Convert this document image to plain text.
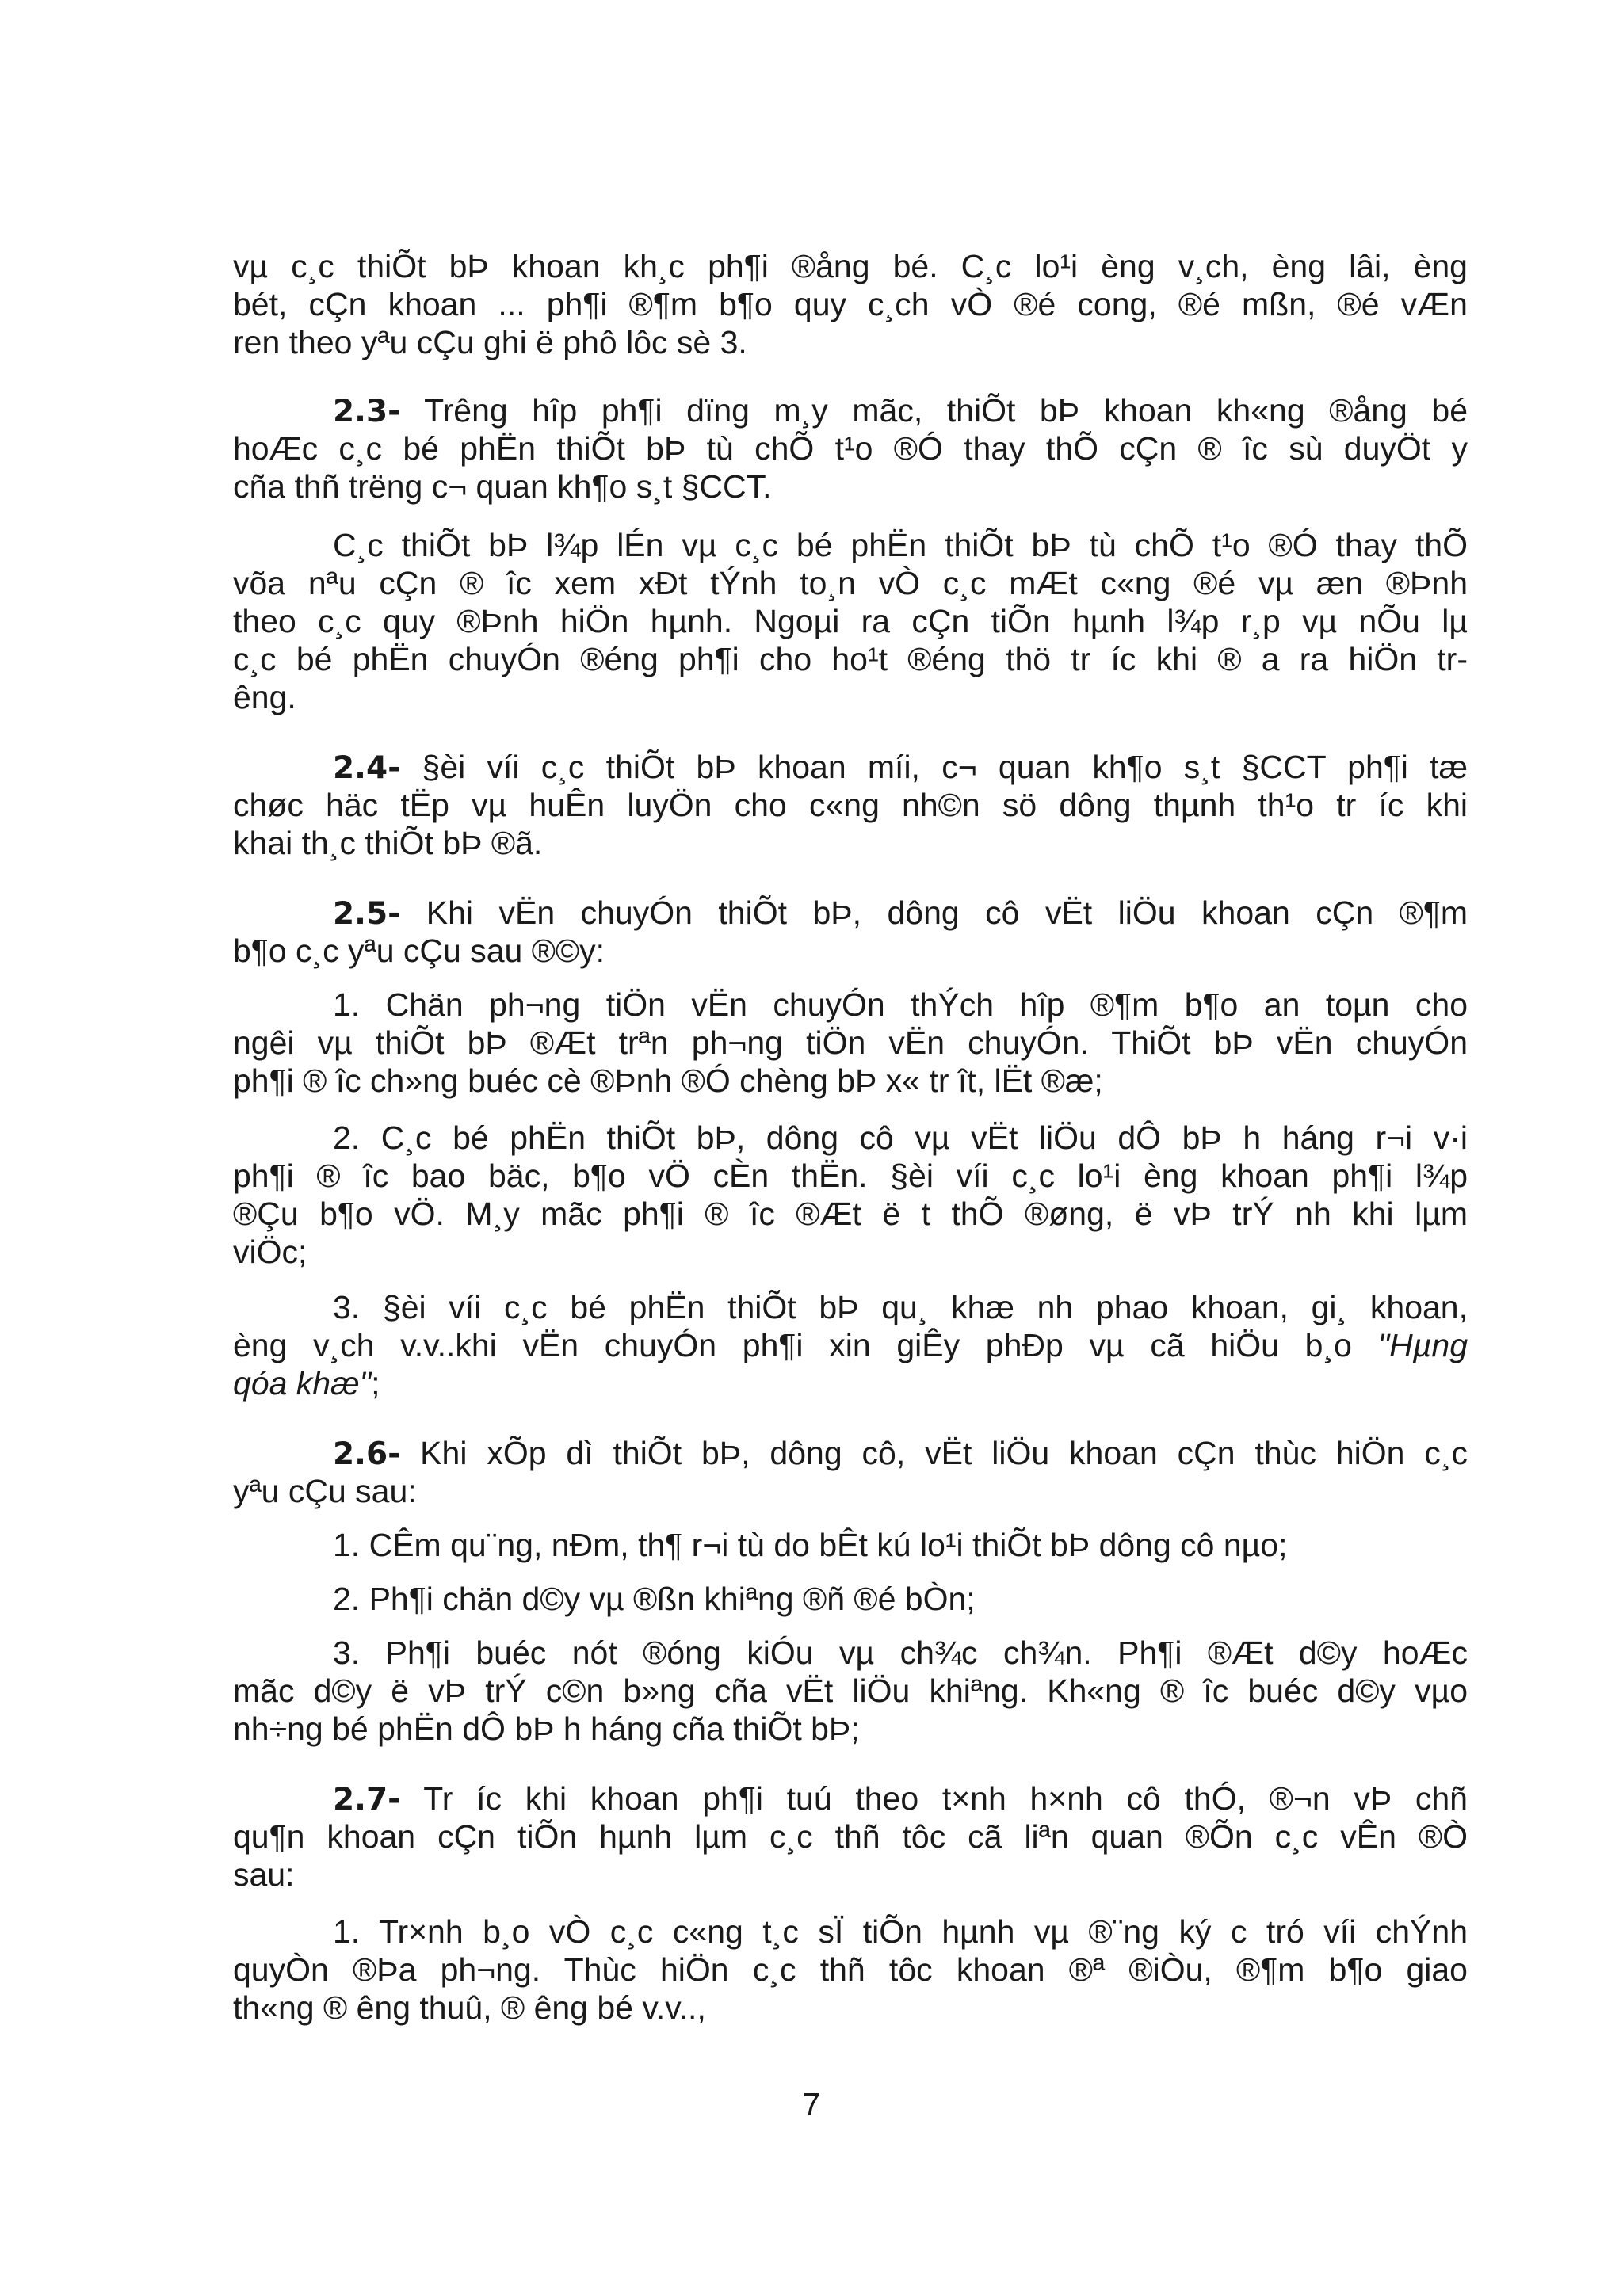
vµ c¸c thiÕt bÞ khoan kh¸c ph¶i ®ång bé. C¸c lo¹i èng v¸ch, èng lâi, èng
bét, cÇn khoan ... ph¶i ®¶m b¶o quy c¸ch vÒ ®é cong, ®é mßn, ®é vÆn
ren theo yªu cÇu ghi ë phô lôc sè 3.
2.3- Trêng hîp ph¶i dïng m¸y mãc, thiÕt bÞ khoan kh«ng ®ång bé
hoÆc c¸c bé phËn thiÕt bÞ tù chÕ t¹o ®Ó thay thÕ cÇn ® îc sù duyÖt y
cña thñ trëng c¬ quan kh¶o s¸t §CCT.
C¸c thiÕt bÞ l¾p lÉn vµ c¸c bé phËn thiÕt bÞ tù chÕ t¹o ®Ó thay thÕ
võa nªu cÇn ® îc xem xÐt tÝnh to¸n vÒ c¸c mÆt c«ng ®é vµ æn ®Þnh
theo c¸c quy ®Þnh hiÖn hµnh. Ngoµi ra cÇn tiÕn hµnh l¾p r¸p vµ nÕu lµ
c¸c bé phËn chuyÓn ®éng ph¶i cho ho¹t ®éng thö tr íc khi ® a ra hiÖn tr-
êng.
2.4- §èi víi c¸c thiÕt bÞ khoan míi, c¬ quan kh¶o s¸t §CCT ph¶i tæ
chøc häc tËp vµ huÊn luyÖn cho c«ng nh©n sö dông thµnh th¹o tr íc khi
khai th¸c thiÕt bÞ ®ã.
2.5- Khi vËn chuyÓn thiÕt bÞ, dông cô vËt liÖu khoan cÇn ®¶m
b¶o c¸c yªu cÇu sau ®©y:
1. Chän ph¬ng tiÖn vËn chuyÓn thÝch hîp ®¶m b¶o an toµn cho
ngêi vµ thiÕt bÞ ®Æt trªn ph¬ng tiÖn vËn chuyÓn. ThiÕt bÞ vËn chuyÓn
ph¶i ® îc ch»ng buéc cè ®Þnh ®Ó chèng bÞ x« tr ît, lËt ®æ;
2. C¸c bé phËn thiÕt bÞ, dông cô vµ vËt liÖu dÔ bÞ h háng r¬i v·i
ph¶i ® îc bao bäc, b¶o vÖ cÈn thËn. §èi víi c¸c lo¹i èng khoan ph¶i l¾p
®Çu b¶o vÖ. M¸y mãc ph¶i ® îc ®Æt ë t thÕ ®øng, ë vÞ trÝ nh khi lµm
viÖc;
3. §èi víi c¸c bé phËn thiÕt bÞ qu¸ khæ nh phao khoan, gi¸ khoan,
èng v¸ch v.v..khi vËn chuyÓn ph¶i xin giÊy phÐp vµ cã hiÖu b¸o "Hµng
qóa khæ";
2.6- Khi xÕp dì thiÕt bÞ, dông cô, vËt liÖu khoan cÇn thùc hiÖn c¸c
yªu cÇu sau:
1. CÊm qu¨ng, nÐm, th¶ r¬i tù do bÊt kú lo¹i thiÕt bÞ dông cô nµo;
2. Ph¶i chän d©y vµ ®ßn khiªng ®ñ ®é bÒn;
3. Ph¶i buéc nót ®óng kiÓu vµ ch¾c ch¾n. Ph¶i ®Æt d©y hoÆc
mãc d©y ë vÞ trÝ c©n b»ng cña vËt liÖu khiªng. Kh«ng ® îc buéc d©y vµo
nh÷ng bé phËn dÔ bÞ h háng cña thiÕt bÞ;
2.7- Tr íc khi khoan ph¶i tuú theo t×nh h×nh cô thÓ, ®¬n vÞ chñ
qu¶n khoan cÇn tiÕn hµnh lµm c¸c thñ tôc cã liªn quan ®Õn c¸c vÊn ®Ò
sau:
1. Tr×nh b¸o vÒ c¸c c«ng t¸c sÏ tiÕn hµnh vµ ®¨ng ký c tró víi chÝnh
quyÒn ®Þa ph¬ng. Thùc hiÖn c¸c thñ tôc khoan ®ª ®iÒu, ®¶m b¶o giao
th«ng ® êng thuû, ® êng bé v.v..,
7
